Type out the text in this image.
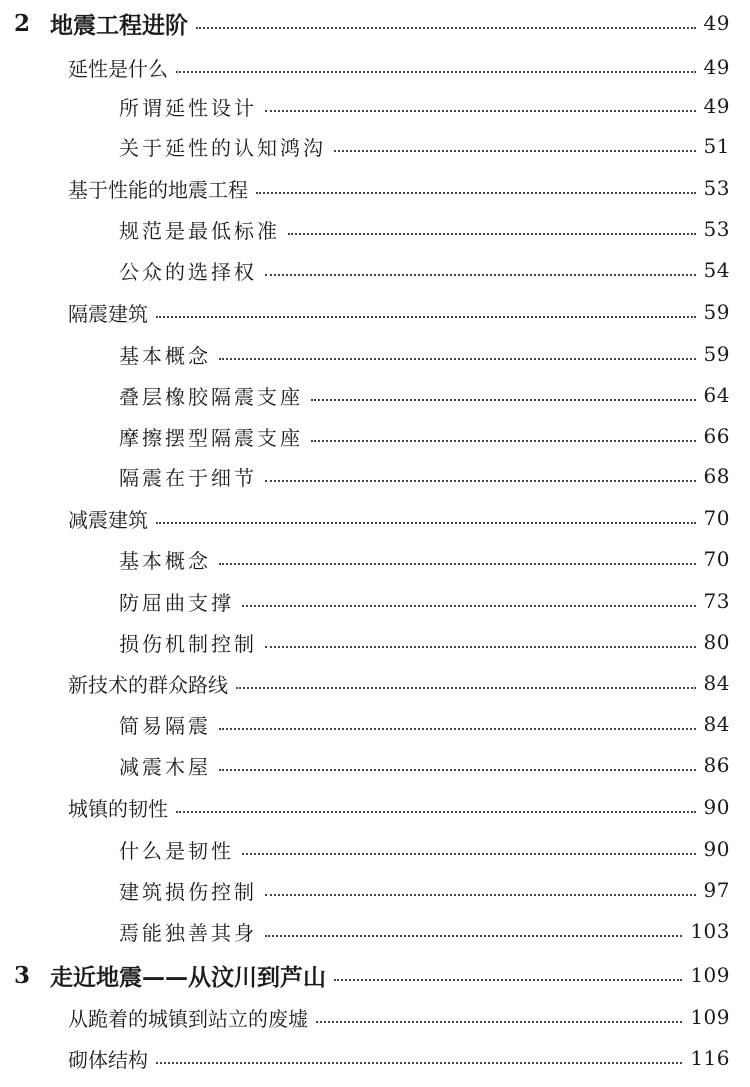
2 地震工程进阶	49
延性是什么	49
所谓延性设计	49
关于延性的认知鸿沟	51
基于性能的地震工程	53
规范是最低标准	53
公众的选择权	54
隔震建筑	59
基本概念	59
叠层橡胶隔震支座	64
摩擦摆型隔震支座	66
隔震在于细节	68
减震建筑	70
基本概念	70
防屈曲支撑	73
损伤机制控制	80
新技术的群众路线	84
简易隔震	84
减震木屋	86
城镇的韧性	90
什么是韧性	90
建筑损伤控制	97
焉能独善其身	103
3 走近地震——从汶川到芦山	109
从跪着的城镇到站立的废墟	109
砌体结构	116
